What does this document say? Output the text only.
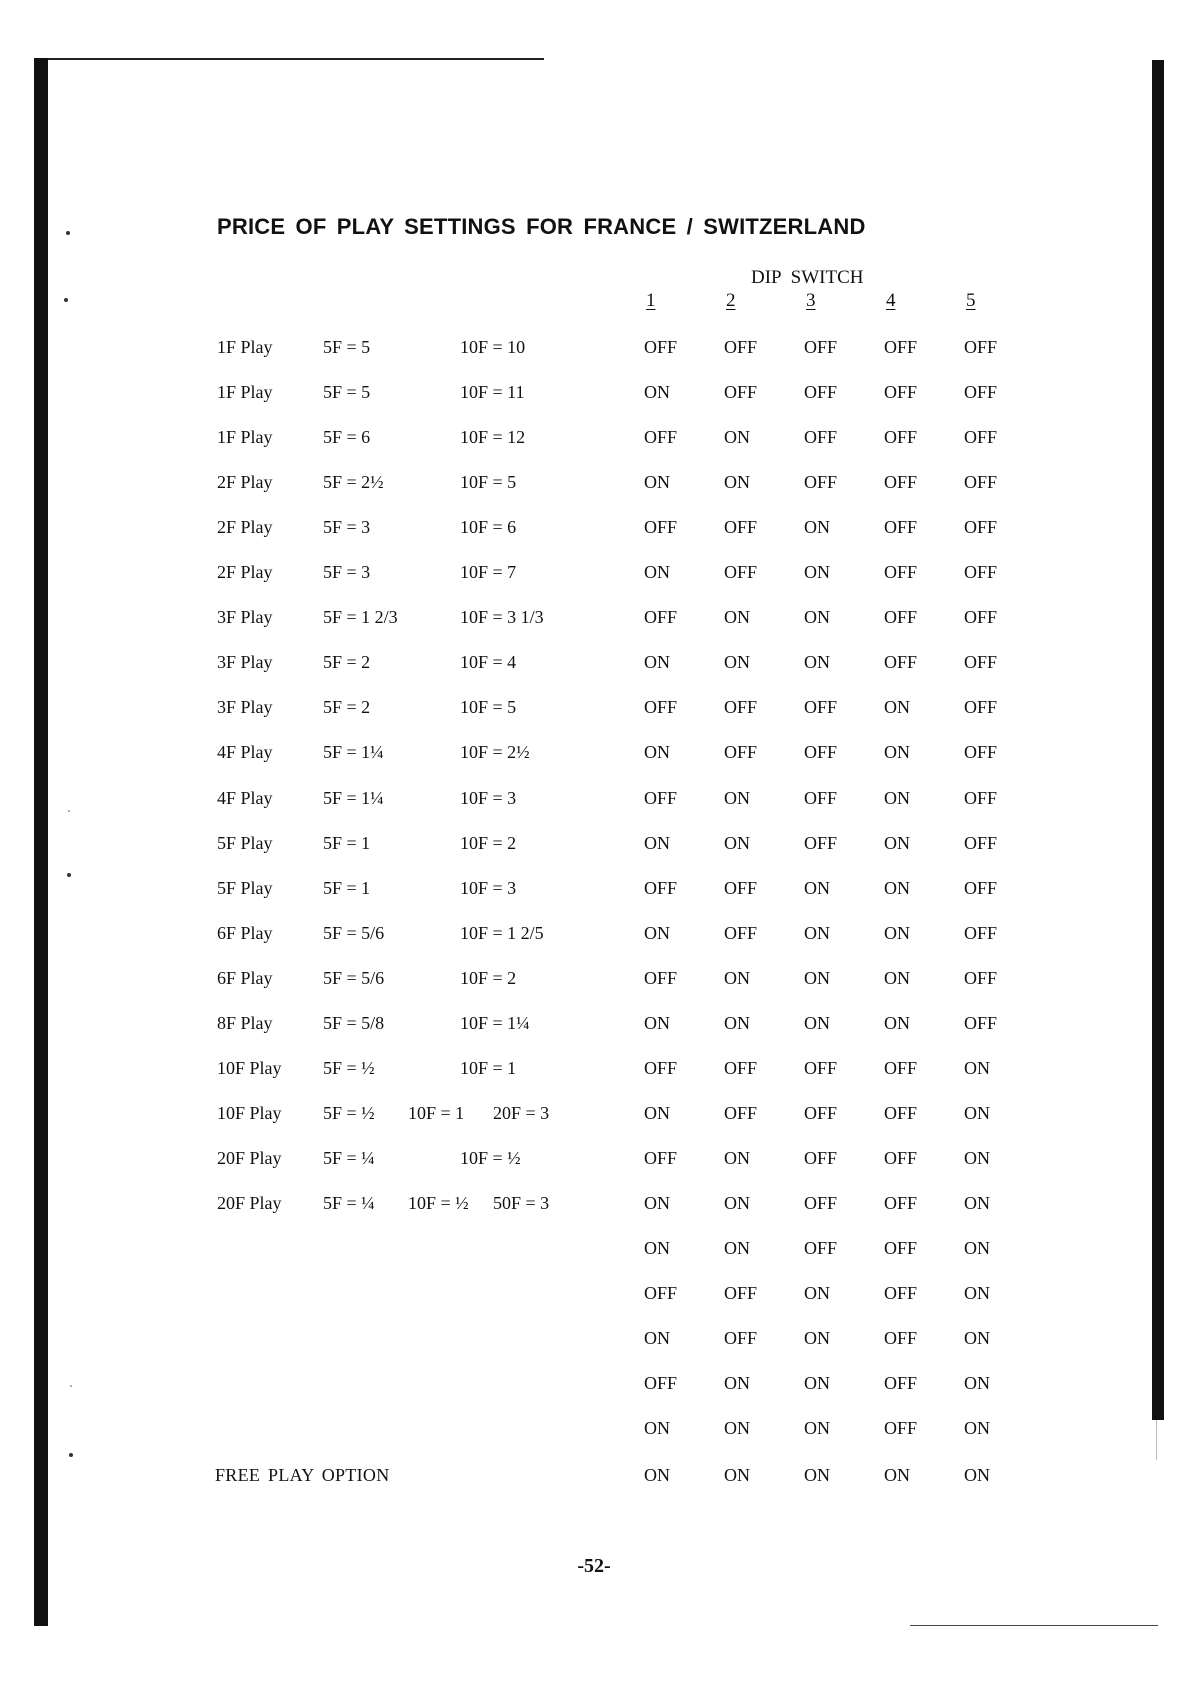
PRICE OF PLAY SETTINGS FOR FRANCE / SWITZERLAND
DIP SWITCH
1	2	3	4	5
1F Play	5F = 5	10F = 10	OFF	OFF	OFF	OFF	OFF
1F Play	5F = 5	10F = 11	ON	OFF	OFF	OFF	OFF
1F Play	5F = 6	10F = 12	OFF	ON	OFF	OFF	OFF
2F Play	5F = 2½	10F = 5	ON	ON	OFF	OFF	OFF
2F Play	5F = 3	10F = 6	OFF	OFF	ON	OFF	OFF
2F Play	5F = 3	10F = 7	ON	OFF	ON	OFF	OFF
3F Play	5F = 1 2/3	10F = 3 1/3	OFF	ON	ON	OFF	OFF
3F Play	5F = 2	10F = 4	ON	ON	ON	OFF	OFF
3F Play	5F = 2	10F = 5	OFF	OFF	OFF	ON	OFF
4F Play	5F = 1¼	10F = 2½	ON	OFF	OFF	ON	OFF
4F Play	5F = 1¼	10F = 3	OFF	ON	OFF	ON	OFF
5F Play	5F = 1	10F = 2	ON	ON	OFF	ON	OFF
5F Play	5F = 1	10F = 3	OFF	OFF	ON	ON	OFF
6F Play	5F = 5/6	10F = 1 2/5	ON	OFF	ON	ON	OFF
6F Play	5F = 5/6	10F = 2	OFF	ON	ON	ON	OFF
8F Play	5F = 5/8	10F = 1¼	ON	ON	ON	ON	OFF
10F Play 5F = ½	10F = 1	OFF	OFF	OFF	OFF	ON
10F Play 5F = ½ 10F = 1 20F = 3	ON	OFF	OFF	OFF	ON
20F Play 5F = ¼	10F = ½	OFF	ON	OFF	OFF	ON
20F Play 5F = ¼ 10F = ½ 50F = 3	ON	ON	OFF	OFF	ON
ON	ON	OFF	OFF	ON
OFF	OFF	ON	OFF	ON
ON	OFF	ON	OFF	ON
OFF	ON	ON	OFF	ON
ON	ON	ON	OFF	ON
FREE PLAY OPTION	ON	ON	ON	ON	ON

-52-
